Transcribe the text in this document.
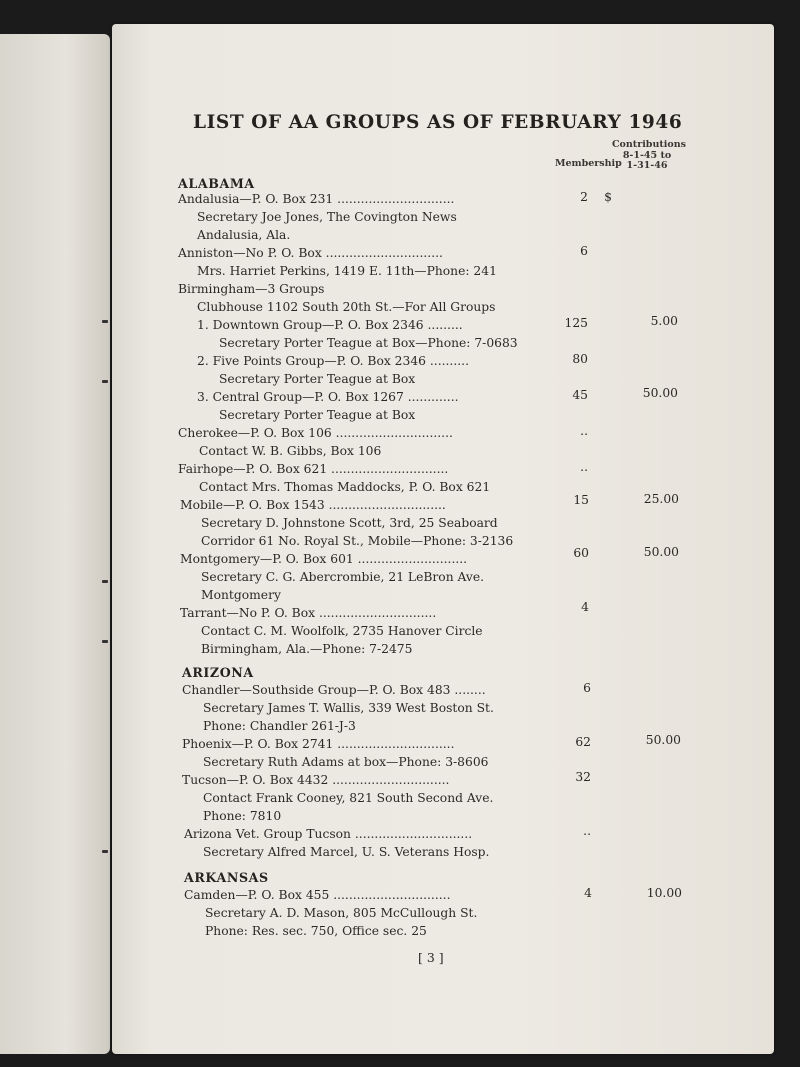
LIST OF AA GROUPS AS OF FEBRUARY 1946
Contributions
8-1-45 to
1-31-46
Membership
ALABAMA
Andalusia—P. O. Box 231 ..............................
Secretary Joe Jones, The Covington News
Andalusia, Ala.
Anniston—No P. O. Box ..............................
Mrs. Harriet Perkins, 1419 E. 11th—Phone: 241
Birmingham—3 Groups
Clubhouse 1102 South 20th St.—For All Groups
1. Downtown Group—P. O. Box 2346 .........
Secretary Porter Teague at Box—Phone: 7-0683
2. Five Points Group—P. O. Box 2346 ..........
Secretary Porter Teague at Box
3. Central Group—P. O. Box 1267 .............
Secretary Porter Teague at Box
Cherokee—P. O. Box 106 ..............................
Contact W. B. Gibbs, Box 106
Fairhope—P. O. Box 621 ..............................
Contact Mrs. Thomas Maddocks, P. O. Box 621
Mobile—P. O. Box 1543 ..............................
Secretary D. Johnstone Scott, 3rd, 25 Seaboard
Corridor 61 No. Royal St., Mobile—Phone: 3-2136
Montgomery—P. O. Box 601 ............................
Secretary C. G. Abercrombie, 21 LeBron Ave.
Montgomery
Tarrant—No P. O. Box ..............................
Contact C. M. Woolfolk, 2735 Hanover Circle
Birmingham, Ala.—Phone: 7-2475
ARIZONA
Chandler—Southside Group—P. O. Box 483 ........
Secretary James T. Wallis, 339 West Boston St.
Phone: Chandler 261-J-3
Phoenix—P. O. Box 2741 ..............................
Secretary Ruth Adams at box—Phone: 3-8606
Tucson—P. O. Box 4432 ..............................
Contact Frank Cooney, 821 South Second Ave.
Phone: 7810
Arizona Vet. Group Tucson ..............................
Secretary Alfred Marcel, U. S. Veterans Hosp.
ARKANSAS
Camden—P. O. Box 455 ..............................
Secretary A. D. Mason, 805 McCullough St.
Phone: Res. sec. 750, Office sec. 25
2
6
125
80
45
..
..
15
60
4
6
62
32
..
4
$
5.00
50.00
25.00
50.00
50.00
10.00
[ 3 ]
